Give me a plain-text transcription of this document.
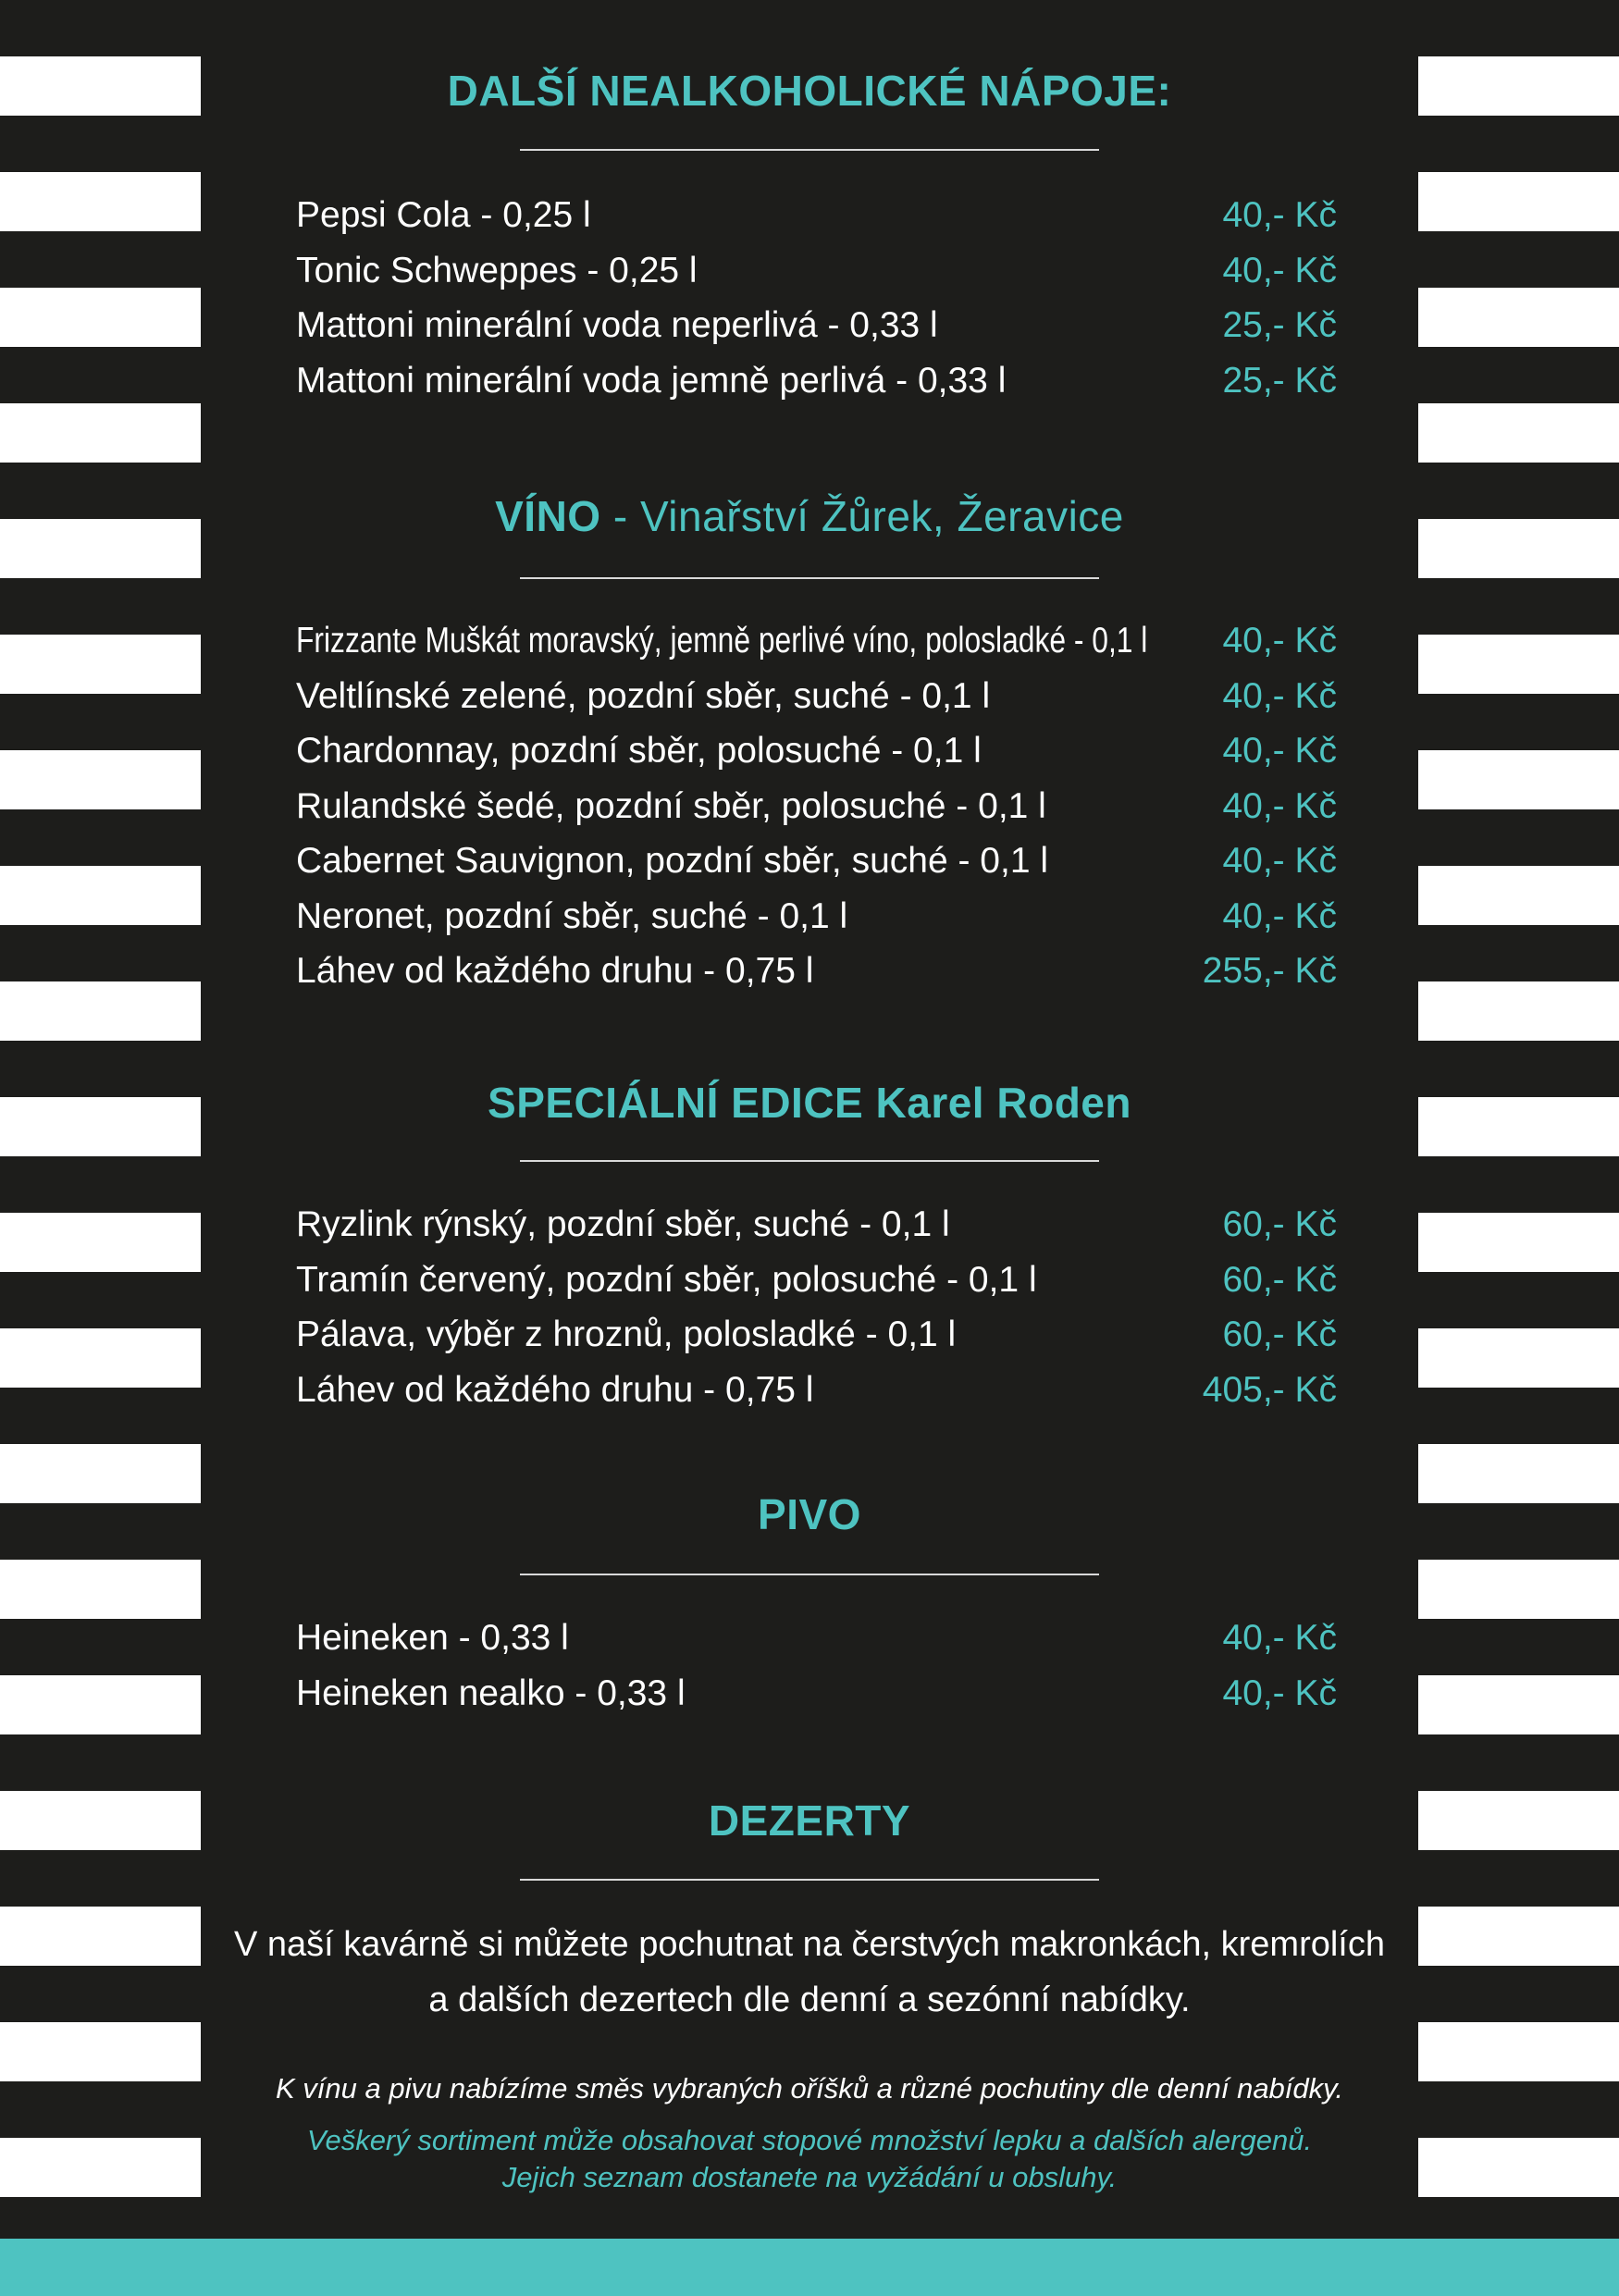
DALŠÍ NEALKOHOLICKÉ NÁPOJE:
Pepsi Cola - 0,25 l	40,- Kč
Tonic Schweppes - 0,25 l	40,- Kč
Mattoni minerální voda neperlivá - 0,33 l	25,- Kč
Mattoni minerální voda jemně perlivá - 0,33 l	25,- Kč
VÍNO - Vinařství Žůrek, Žeravice
Frizzante Muškát moravský, jemně perlivé víno, polosladké - 0,1 l 40,- Kč
Veltlínské zelené, pozdní sběr, suché - 0,1 l	40,- Kč
Chardonnay, pozdní sběr, polosuché - 0,1 l	40,- Kč
Rulandské šedé, pozdní sběr, polosuché - 0,1 l	40,- Kč
Cabernet Sauvignon, pozdní sběr, suché - 0,1 l	40,- Kč
Neronet, pozdní sběr, suché - 0,1 l	40,- Kč
Láhev od každého druhu - 0,75 l	255,- Kč
SPECIÁLNÍ EDICE Karel Roden
Ryzlink rýnský, pozdní sběr, suché - 0,1 l	60,- Kč
Tramín červený, pozdní sběr, polosuché - 0,1 l	60,- Kč
Pálava, výběr z hroznů, polosladké - 0,1 l	60,- Kč
Láhev od každého druhu - 0,75 l	405,- Kč
PIVO
Heineken - 0,33 l	40,- Kč
Heineken nealko - 0,33 l	40,- Kč
DEZERTY
V naší kavárně si můžete pochutnat na čerstvých makronkách, kremrolích
a dalších dezertech dle denní a sezónní nabídky.
K vínu a pivu nabízíme směs vybraných oříšků a různé pochutiny dle denní nabídky.
Veškerý sortiment může obsahovat stopové množství lepku a dalších alergenů.
Jejich seznam dostanete na vyžádání u obsluhy.
